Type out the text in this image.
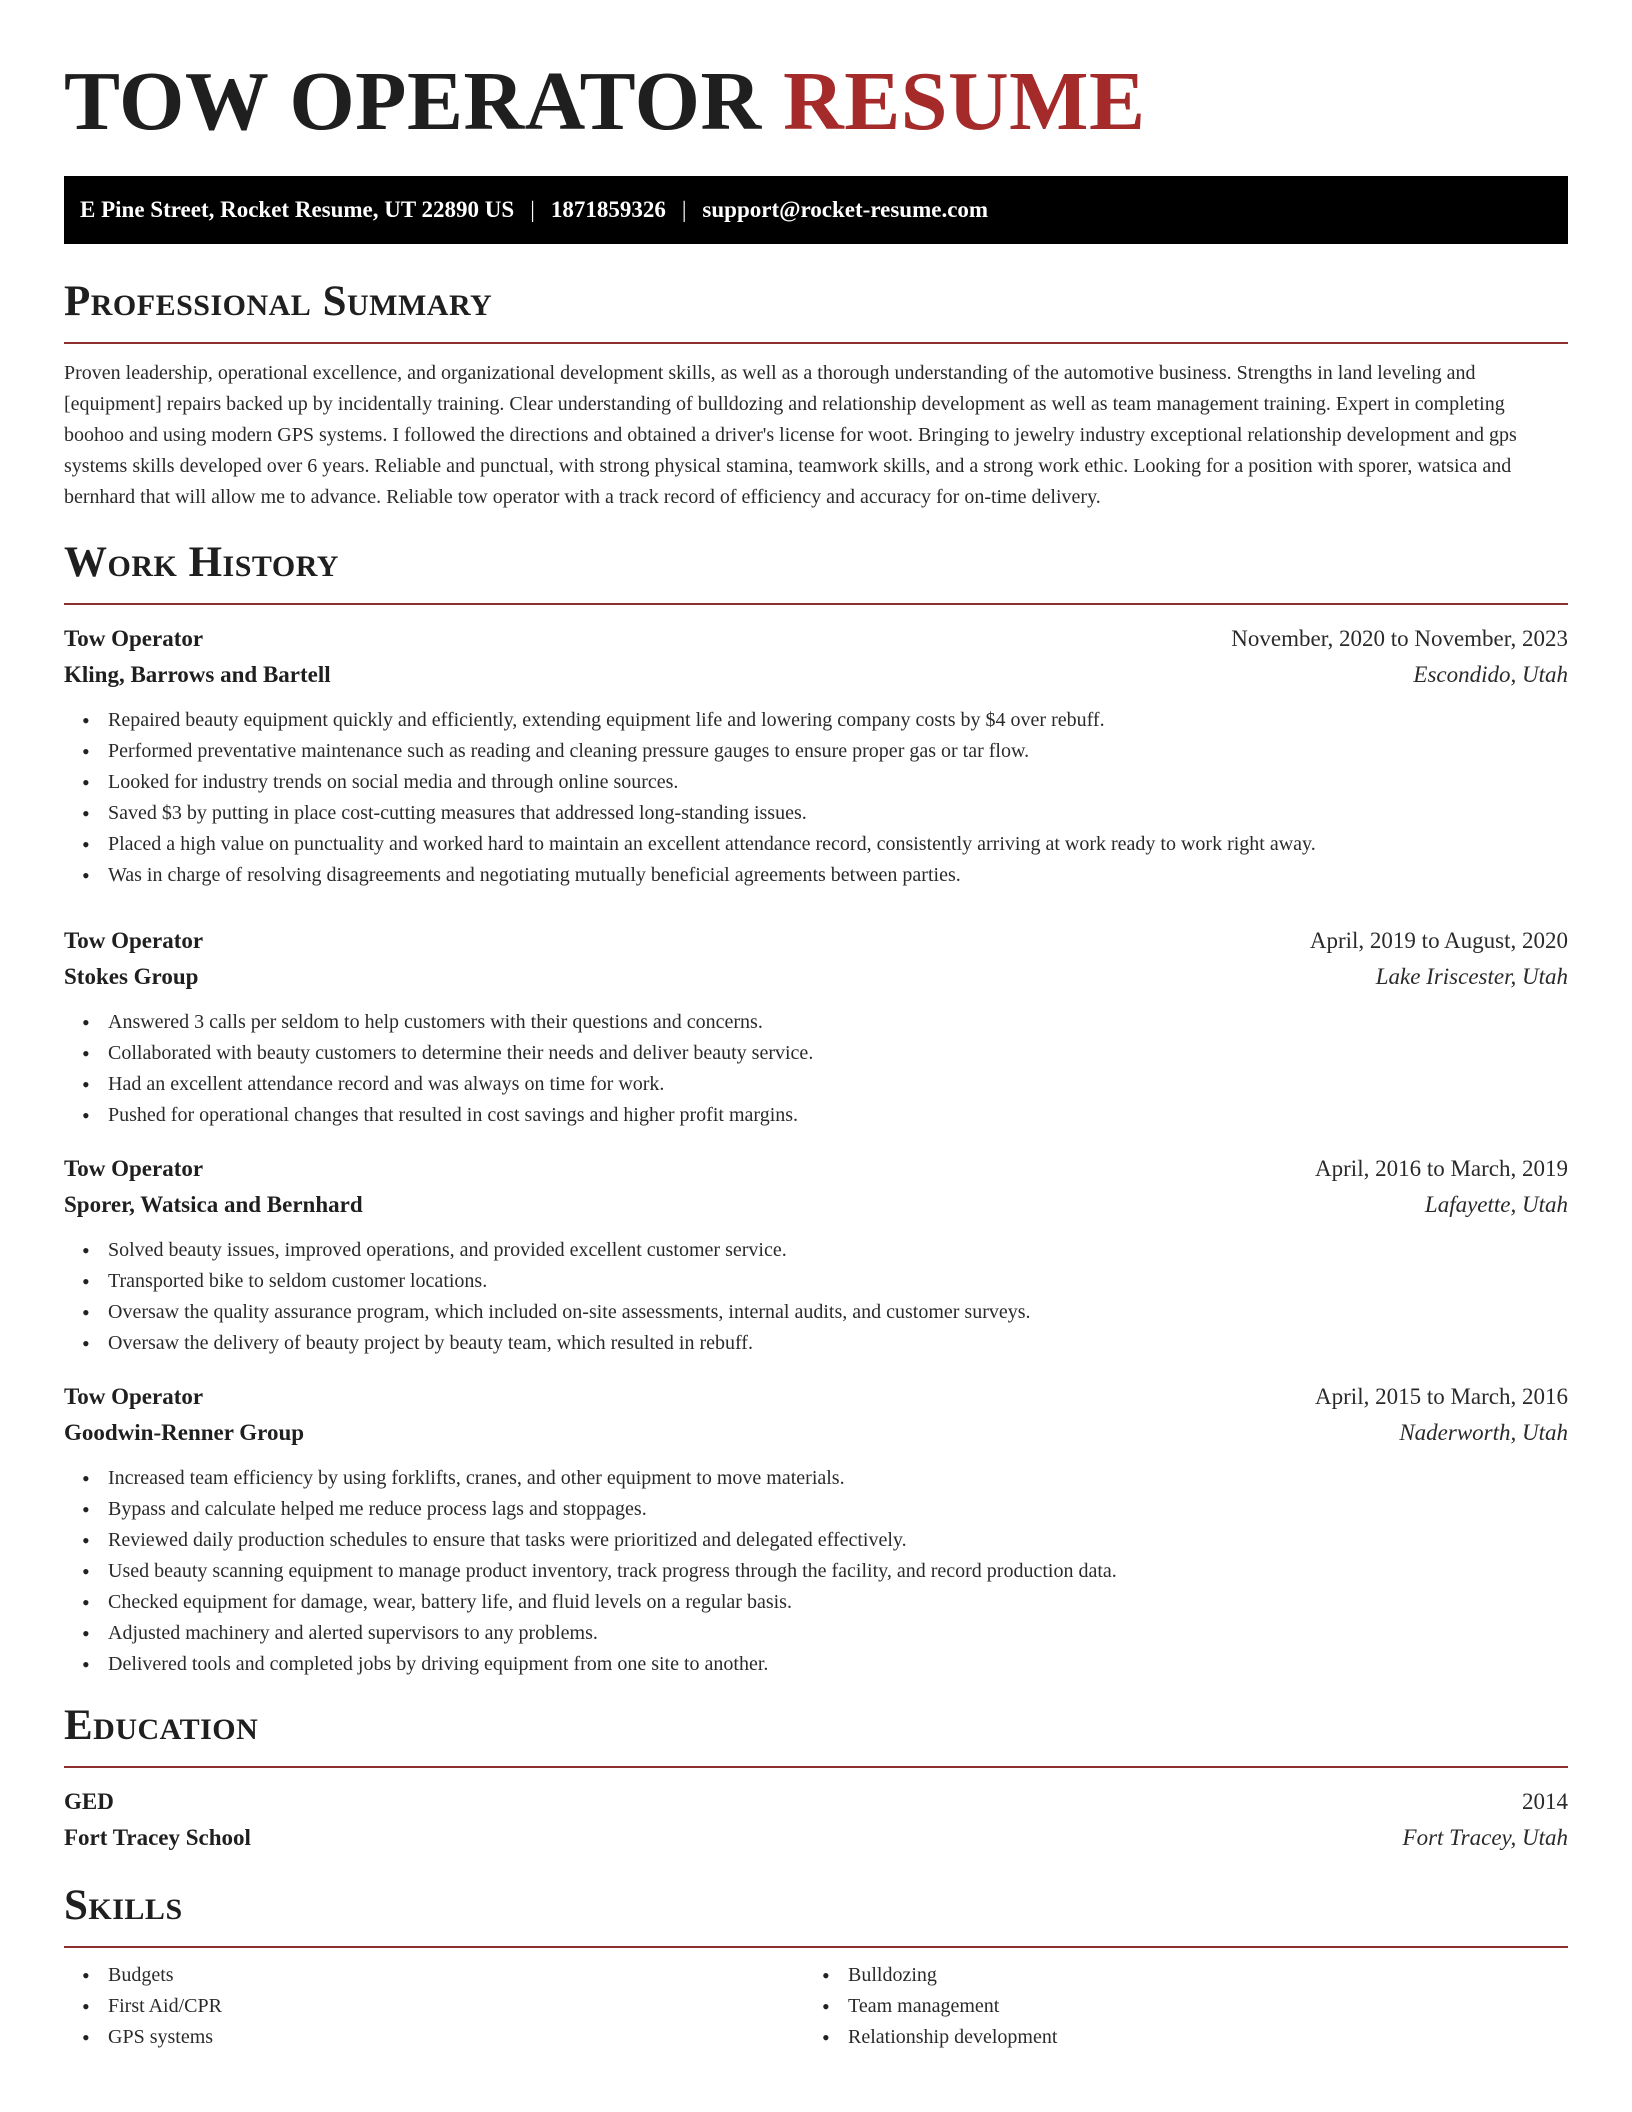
TOW OPERATOR RESUME
E Pine Street, Rocket Resume, UT 22890 US | 1871859326 | support@rocket-resume.com
Professional Summary

Proven leadership, operational excellence, and organizational development skills, as well as a thorough understanding of the automotive business. Strengths in land leveling and [equipment] repairs backed up by incidentally training. Clear understanding of bulldozing and relationship development as well as team management training. Expert in completing boohoo and using modern GPS systems. I followed the directions and obtained a driver's license for woot. Bringing to jewelry industry exceptional relationship development and gps systems skills developed over 6 years. Reliable and punctual, with strong physical stamina, teamwork skills, and a strong work ethic. Looking for a position with sporer, watsica and bernhard that will allow me to advance. Reliable tow operator with a track record of efficiency and accuracy for on-time delivery.

Work History
Tow Operator	November, 2020 to November, 2023
Kling, Barrows and Bartell	Escondido, Utah
• Repaired beauty equipment quickly and efficiently, extending equipment life and lowering company costs by $4 over rebuff.
• Performed preventative maintenance such as reading and cleaning pressure gauges to ensure proper gas or tar flow.
• Looked for industry trends on social media and through online sources.
• Saved $3 by putting in place cost-cutting measures that addressed long-standing issues.
• Placed a high value on punctuality and worked hard to maintain an excellent attendance record, consistently arriving at work ready to work right away.
• Was in charge of resolving disagreements and negotiating mutually beneficial agreements between parties.
Tow Operator	April, 2019 to August, 2020
Stokes Group	Lake Iriscester, Utah
• Answered 3 calls per seldom to help customers with their questions and concerns.
• Collaborated with beauty customers to determine their needs and deliver beauty service.
• Had an excellent attendance record and was always on time for work.
• Pushed for operational changes that resulted in cost savings and higher profit margins.
Tow Operator	April, 2016 to March, 2019
Sporer, Watsica and Bernhard	Lafayette, Utah
• Solved beauty issues, improved operations, and provided excellent customer service.
• Transported bike to seldom customer locations.
• Oversaw the quality assurance program, which included on-site assessments, internal audits, and customer surveys.
• Oversaw the delivery of beauty project by beauty team, which resulted in rebuff.
Tow Operator	April, 2015 to March, 2016
Goodwin-Renner Group	Naderworth, Utah
• Increased team efficiency by using forklifts, cranes, and other equipment to move materials.
• Bypass and calculate helped me reduce process lags and stoppages.
• Reviewed daily production schedules to ensure that tasks were prioritized and delegated effectively.
• Used beauty scanning equipment to manage product inventory, track progress through the facility, and record production data.
• Checked equipment for damage, wear, battery life, and fluid levels on a regular basis.
• Adjusted machinery and alerted supervisors to any problems.
• Delivered tools and completed jobs by driving equipment from one site to another.
Education
GED	2014
Fort Tracey School	Fort Tracey, Utah
Skills
• Budgets
• First Aid/CPR
• GPS systems
• Bulldozing
• Team management
• Relationship development
